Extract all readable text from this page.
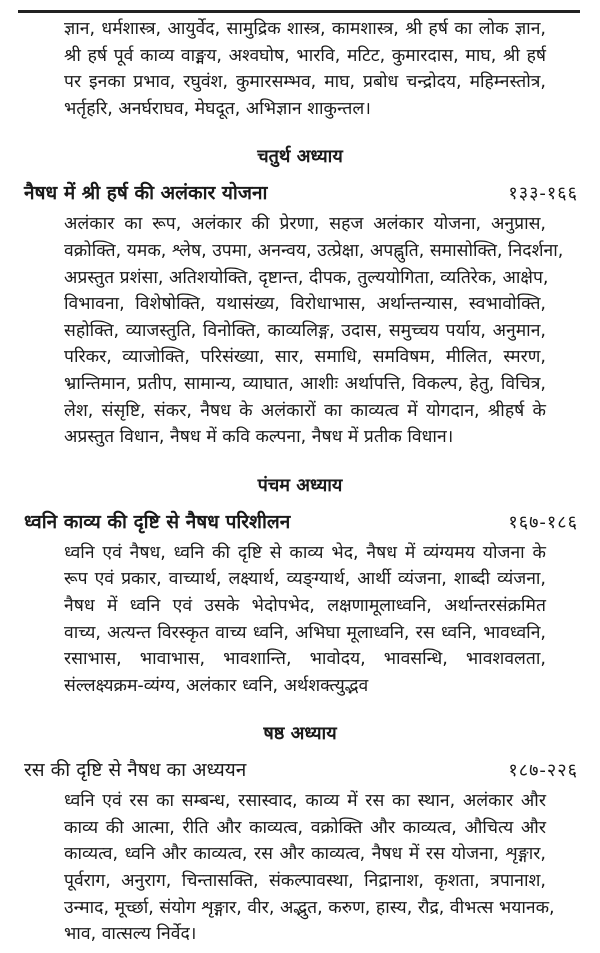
ज्ञान, धर्मशास्त्र, आयुर्वेद, सामुद्रिक शास्त्र, कामशास्त्र, श्री हर्ष का लोक ज्ञान,
श्री हर्ष पूर्व काव्य वाङ्मय, अश्वघोष, भारवि, मटिट, कुमारदास, माघ, श्री हर्ष
पर इनका प्रभाव, रघुवंश, कुमारसम्भव, माघ, प्रबोध चन्द्रोदय, महिम्नस्तोत्र,
भर्तृहरि, अनर्घराघव, मेघदूत, अभिज्ञान शाकुन्तल।
चतुर्थ अध्याय
नैषध में श्री हर्ष की अलंकार योजना	१३३-१६६
अलंकार का रूप, अलंकार की प्रेरणा, सहज अलंकार योजना, अनुप्रास,
वक्रोक्ति, यमक, श्लेष, उपमा, अनन्वय, उत्प्रेक्षा, अपह्नुति, समासोक्ति, निदर्शना,
अप्रस्तुत प्रशंसा, अतिशयोक्ति, दृष्टान्त, दीपक, तुल्ययोगिता, व्यतिरेक, आक्षेप,
विभावना, विशेषोक्ति, यथासंख्य, विरोधाभास, अर्थान्तन्यास, स्वभावोक्ति,
सहोक्ति, व्याजस्तुति, विनोक्ति, काव्यलिङ्ग, उदास, समुच्चय पर्याय, अनुमान,
परिकर, व्याजोक्ति, परिसंख्या, सार, समाधि, समविषम, मीलित, स्मरण,
भ्रान्तिमान, प्रतीप, सामान्य, व्याघात, आशीः अर्थापत्ति, विकल्प, हेतु, विचित्र,
लेश, संसृष्टि, संकर, नैषध के अलंकारों का काव्यत्व में योगदान, श्रीहर्ष के
अप्रस्तुत विधान, नैषध में कवि कल्पना, नैषध में प्रतीक विधान।
पंचम अध्याय
ध्वनि काव्य की दृष्टि से नैषध परिशीलन	१६७-१८६
ध्वनि एवं नैषध, ध्वनि की दृष्टि से काव्य भेद, नैषध में व्यंग्यमय योजना के
रूप एवं प्रकार, वाच्यार्थ, लक्ष्यार्थ, व्यङ्ग्यार्थ, आर्थी व्यंजना, शाब्दी व्यंजना,
नैषध में ध्वनि एवं उसके भेदोपभेद, लक्षणामूलाध्वनि, अर्थान्तरसंक्रमित
वाच्य, अत्यन्त विरस्कृत वाच्य ध्वनि, अभिघा मूलाध्वनि, रस ध्वनि, भावध्वनि,
रसाभास, भावाभास, भावशान्ति, भावोदय, भावसन्धि, भावशवलता,
संल्लक्ष्यक्रम-व्यंग्य, अलंकार ध्वनि, अर्थशक्त्युद्भव
षष्ठ अध्याय
रस की दृष्टि से नैषध का अध्ययन	१८७-२२६
ध्वनि एवं रस का सम्बन्ध, रसास्वाद, काव्य में रस का स्थान, अलंकार और
काव्य की आत्मा, रीति और काव्यत्व, वक्रोक्ति और काव्यत्व, औचित्य और
काव्यत्व, ध्वनि और काव्यत्व, रस और काव्यत्व, नैषध में रस योजना, शृङ्गार,
पूर्वराग, अनुराग, चिन्तासक्ति, संकल्पावस्था, निद्रानाश, कृशता, त्रपानाश,
उन्माद, मूर्च्छा, संयोग शृङ्गार, वीर, अद्भुत, करुण, हास्य, रौद्र, वीभत्स भयानक,
भाव, वात्सल्य निर्वेद।
